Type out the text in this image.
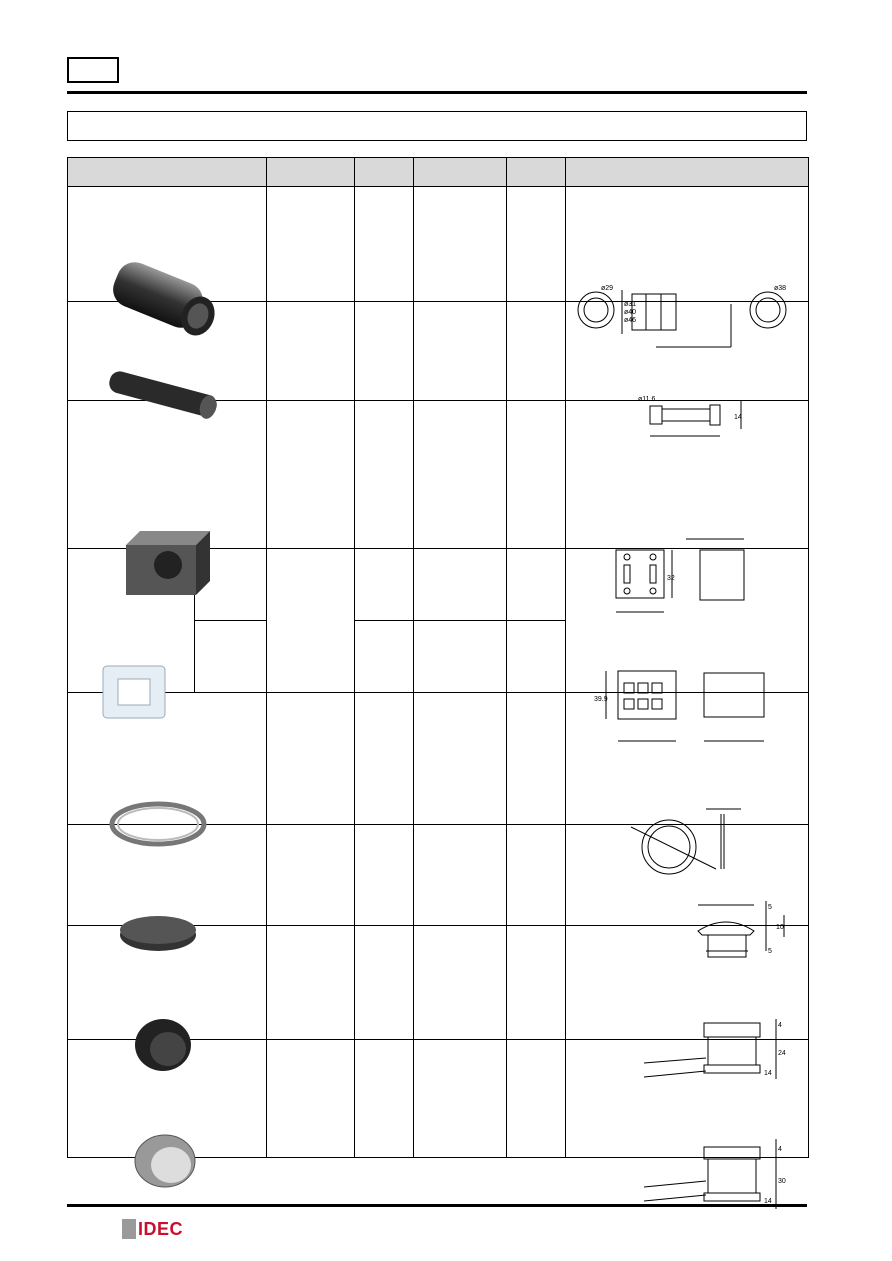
ø29
ø46
ø40
ø31
ø38

ø11.6
14

32

39.9

5
10
5

4
24
14

4
30
14
IDEC
